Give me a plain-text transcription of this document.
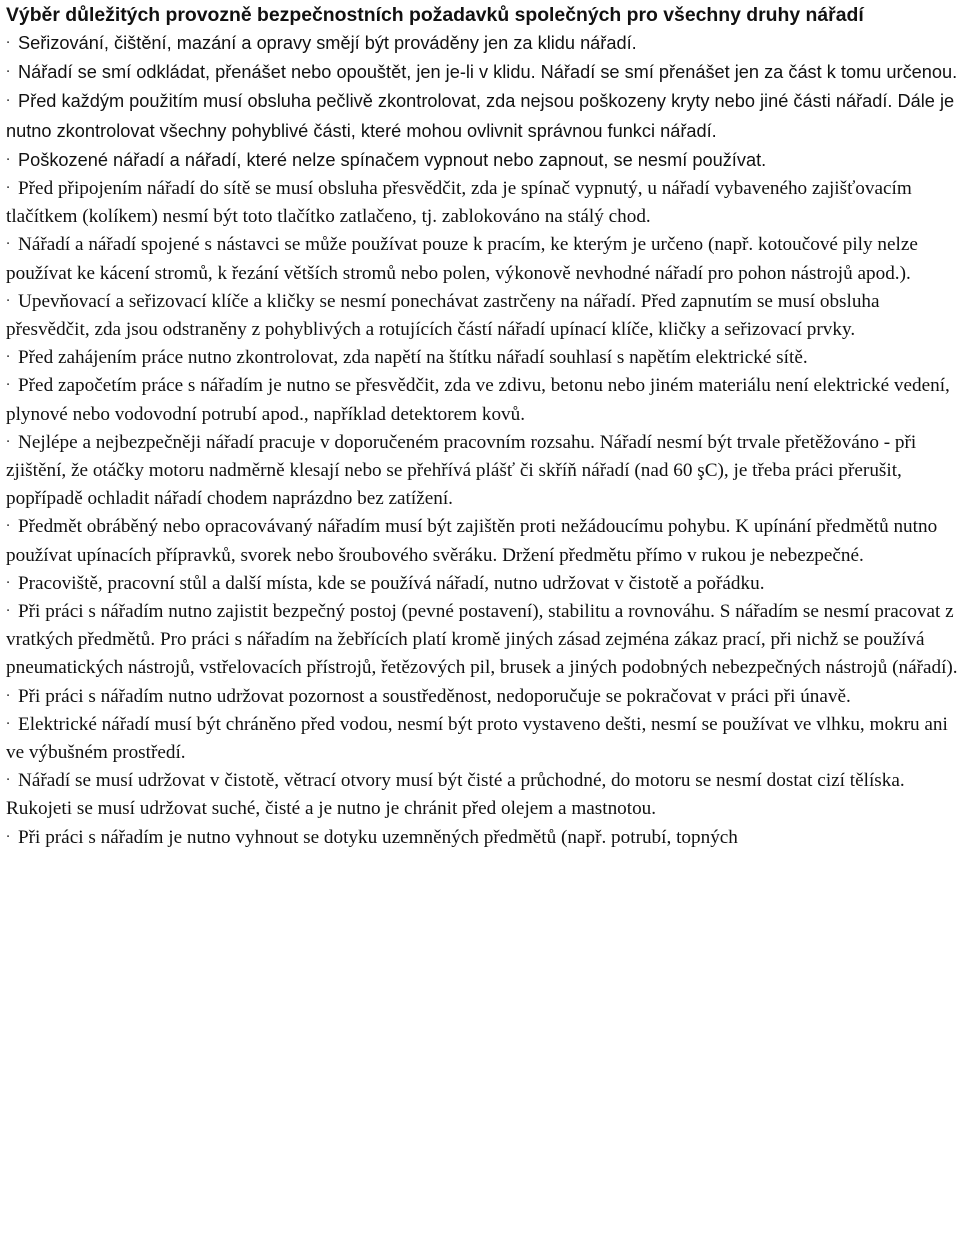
Výběr důležitých provozně bezpečnostních požadavků společných pro všechny druhy nářadí
· Seřizování, čištění, mazání a opravy smějí být prováděny jen za klidu nářadí.
· Nářadí se smí odkládat, přenášet nebo opouštět, jen je-li v klidu. Nářadí se smí přenášet jen za část k tomu určenou.
· Před každým použitím musí obsluha pečlivě zkontrolovat, zda nejsou poškozeny kryty nebo jiné části nářadí. Dále je nutno zkontrolovat všechny pohyblivé části, které mohou ovlivnit správnou funkci nářadí.
· Poškozené nářadí a nářadí, které nelze spínačem vypnout nebo zapnout, se nesmí používat.
· Před připojením nářadí do sítě se musí obsluha přesvědčit, zda je spínač vypnutý, u nářadí vybaveného zajišťovacím tlačítkem (kolíkem) nesmí být toto tlačítko zatlačeno, tj. zablokováno na stálý chod.
· Nářadí a nářadí spojené s nástavci se může používat pouze k pracím, ke kterým je určeno (např. kotoučové pily nelze používat ke kácení stromů, k řezání větších stromů nebo polen, výkonově nevhodné nářadí pro pohon nástrojů apod.).
· Upevňovací a seřizovací klíče a kličky se nesmí ponechávat zastrčeny na nářadí. Před zapnutím se musí obsluha přesvědčit, zda jsou odstraněny z pohyblivých a rotujících částí nářadí upínací klíče, kličky a seřizovací prvky.
· Před zahájením práce nutno zkontrolovat, zda napětí na štítku nářadí souhlasí s napětím elektrické sítě.
· Před započetím práce s nářadím je nutno se přesvědčit, zda ve zdivu, betonu nebo jiném materiálu není elektrické vedení, plynové nebo vodovodní potrubí apod., například detektorem kovů.
· Nejlépe a nejbezpečněji nářadí pracuje v doporučeném pracovním rozsahu. Nářadí nesmí být trvale přetěžováno - při zjištění, že otáčky motoru nadměrně klesají nebo se přehřívá plášť či skříň nářadí (nad 60 şC), je třeba práci přerušit, popřípadě ochladit nářadí chodem naprázdno bez zatížení.
· Předmět obráběný nebo opracovávaný nářadím musí být zajištěn proti nežádoucímu pohybu. K upínání předmětů nutno používat upínacích přípravků, svorek nebo šroubového svěráku. Držení předmětu přímo v rukou je nebezpečné.
· Pracoviště, pracovní stůl a další místa, kde se používá nářadí, nutno udržovat v čistotě a pořádku.
· Při práci s nářadím nutno zajistit bezpečný postoj (pevné postavení), stabilitu a rovnováhu. S nářadím se nesmí pracovat z vratkých předmětů. Pro práci s nářadím na žebřících platí kromě jiných zásad zejména zákaz prací, při nichž se používá pneumatických nástrojů, vstřelovacích přístrojů, řetězových pil, brusek a jiných podobných nebezpečných nástrojů (nářadí).
· Při práci s nářadím nutno udržovat pozornost a soustředěnost, nedoporučuje se pokračovat v práci při únavě.
· Elektrické nářadí musí být chráněno před vodou, nesmí být proto vystaveno dešti, nesmí se používat ve vlhku, mokru ani ve výbušném prostředí.
· Nářadí se musí udržovat v čistotě, větrací otvory musí být čisté a průchodné, do motoru se nesmí dostat cizí tělíska. Rukojeti se musí udržovat suché, čisté a je nutno je chránit před olejem a mastnotou.
· Při práci s nářadím je nutno vyhnout se dotyku uzemněných předmětů (např. potrubí, topných
